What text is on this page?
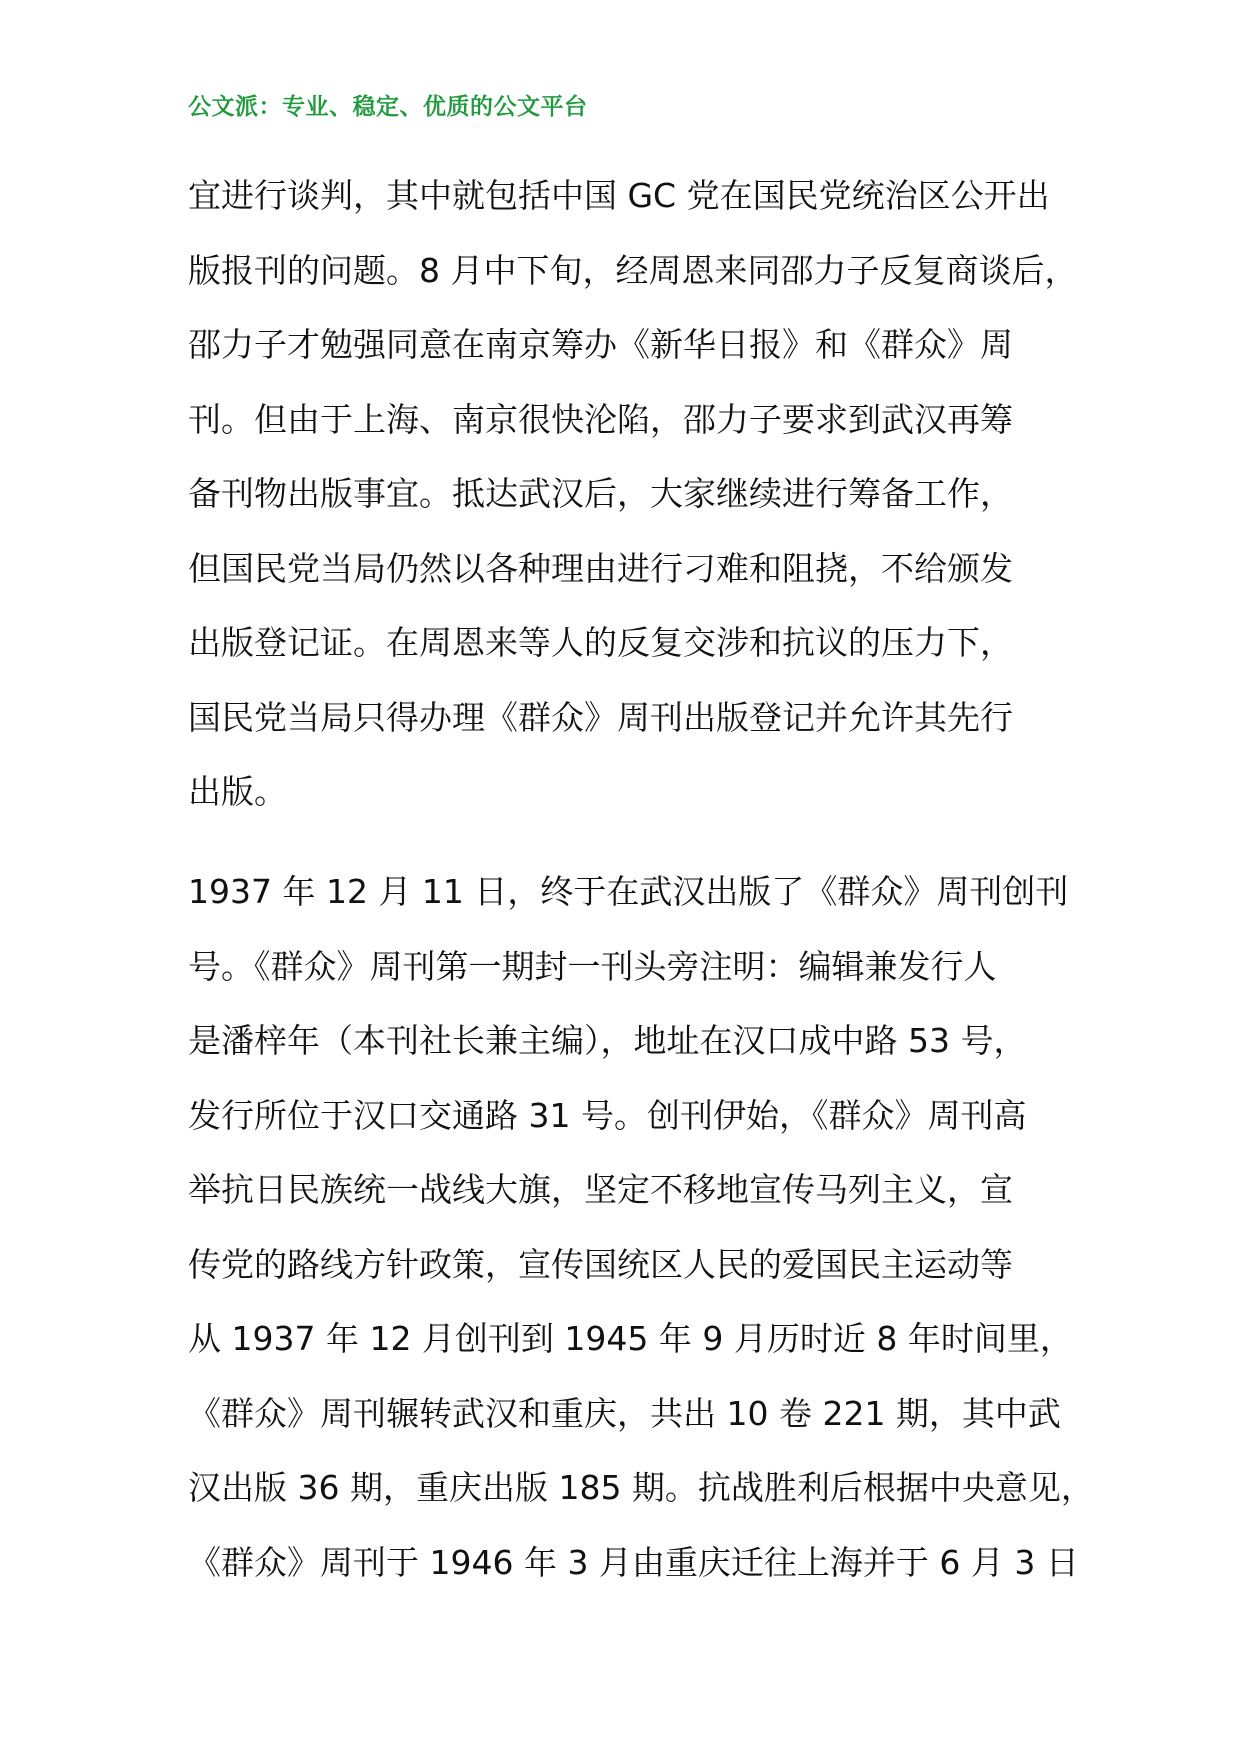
公文派：专业、稳定、优质的公文平台
宜进行谈判，其中就包括中国 GC 党在国民党统治区公开出
版报刊的问题。8 月中下旬，经周恩来同邵力子反复商谈后，
邵力子才勉强同意在南京筹办《新华日报》和《群众》周
刊。但由于上海、南京很快沦陷，邵力子要求到武汉再筹
备刊物出版事宜。抵达武汉后，大家继续进行筹备工作，
但国民党当局仍然以各种理由进行刁难和阻挠，不给颁发
出版登记证。在周恩来等人的反复交涉和抗议的压力下，
国民党当局只得办理《群众》周刊出版登记并允许其先行
出版。
1937 年 12 月 11 日，终于在武汉出版了《群众》周刊创刊
号。《群众》周刊第一期封一刊头旁注明：编辑兼发行人
是潘梓年（本刊社长兼主编），地址在汉口成中路 53 号，
发行所位于汉口交通路 31 号。创刊伊始，《群众》周刊高
举抗日民族统一战线大旗，坚定不移地宣传马列主义，宣
传党的路线方针政策，宣传国统区人民的爱国民主运动等
从 1937 年 12 月创刊到 1945 年 9 月历时近 8 年时间里，
《群众》周刊辗转武汉和重庆，共出 10 卷 221 期，其中武
汉出版 36 期，重庆出版 185 期。抗战胜利后根据中央意见，
《群众》周刊于 1946 年 3 月由重庆迁往上海并于 6 月 3 日
